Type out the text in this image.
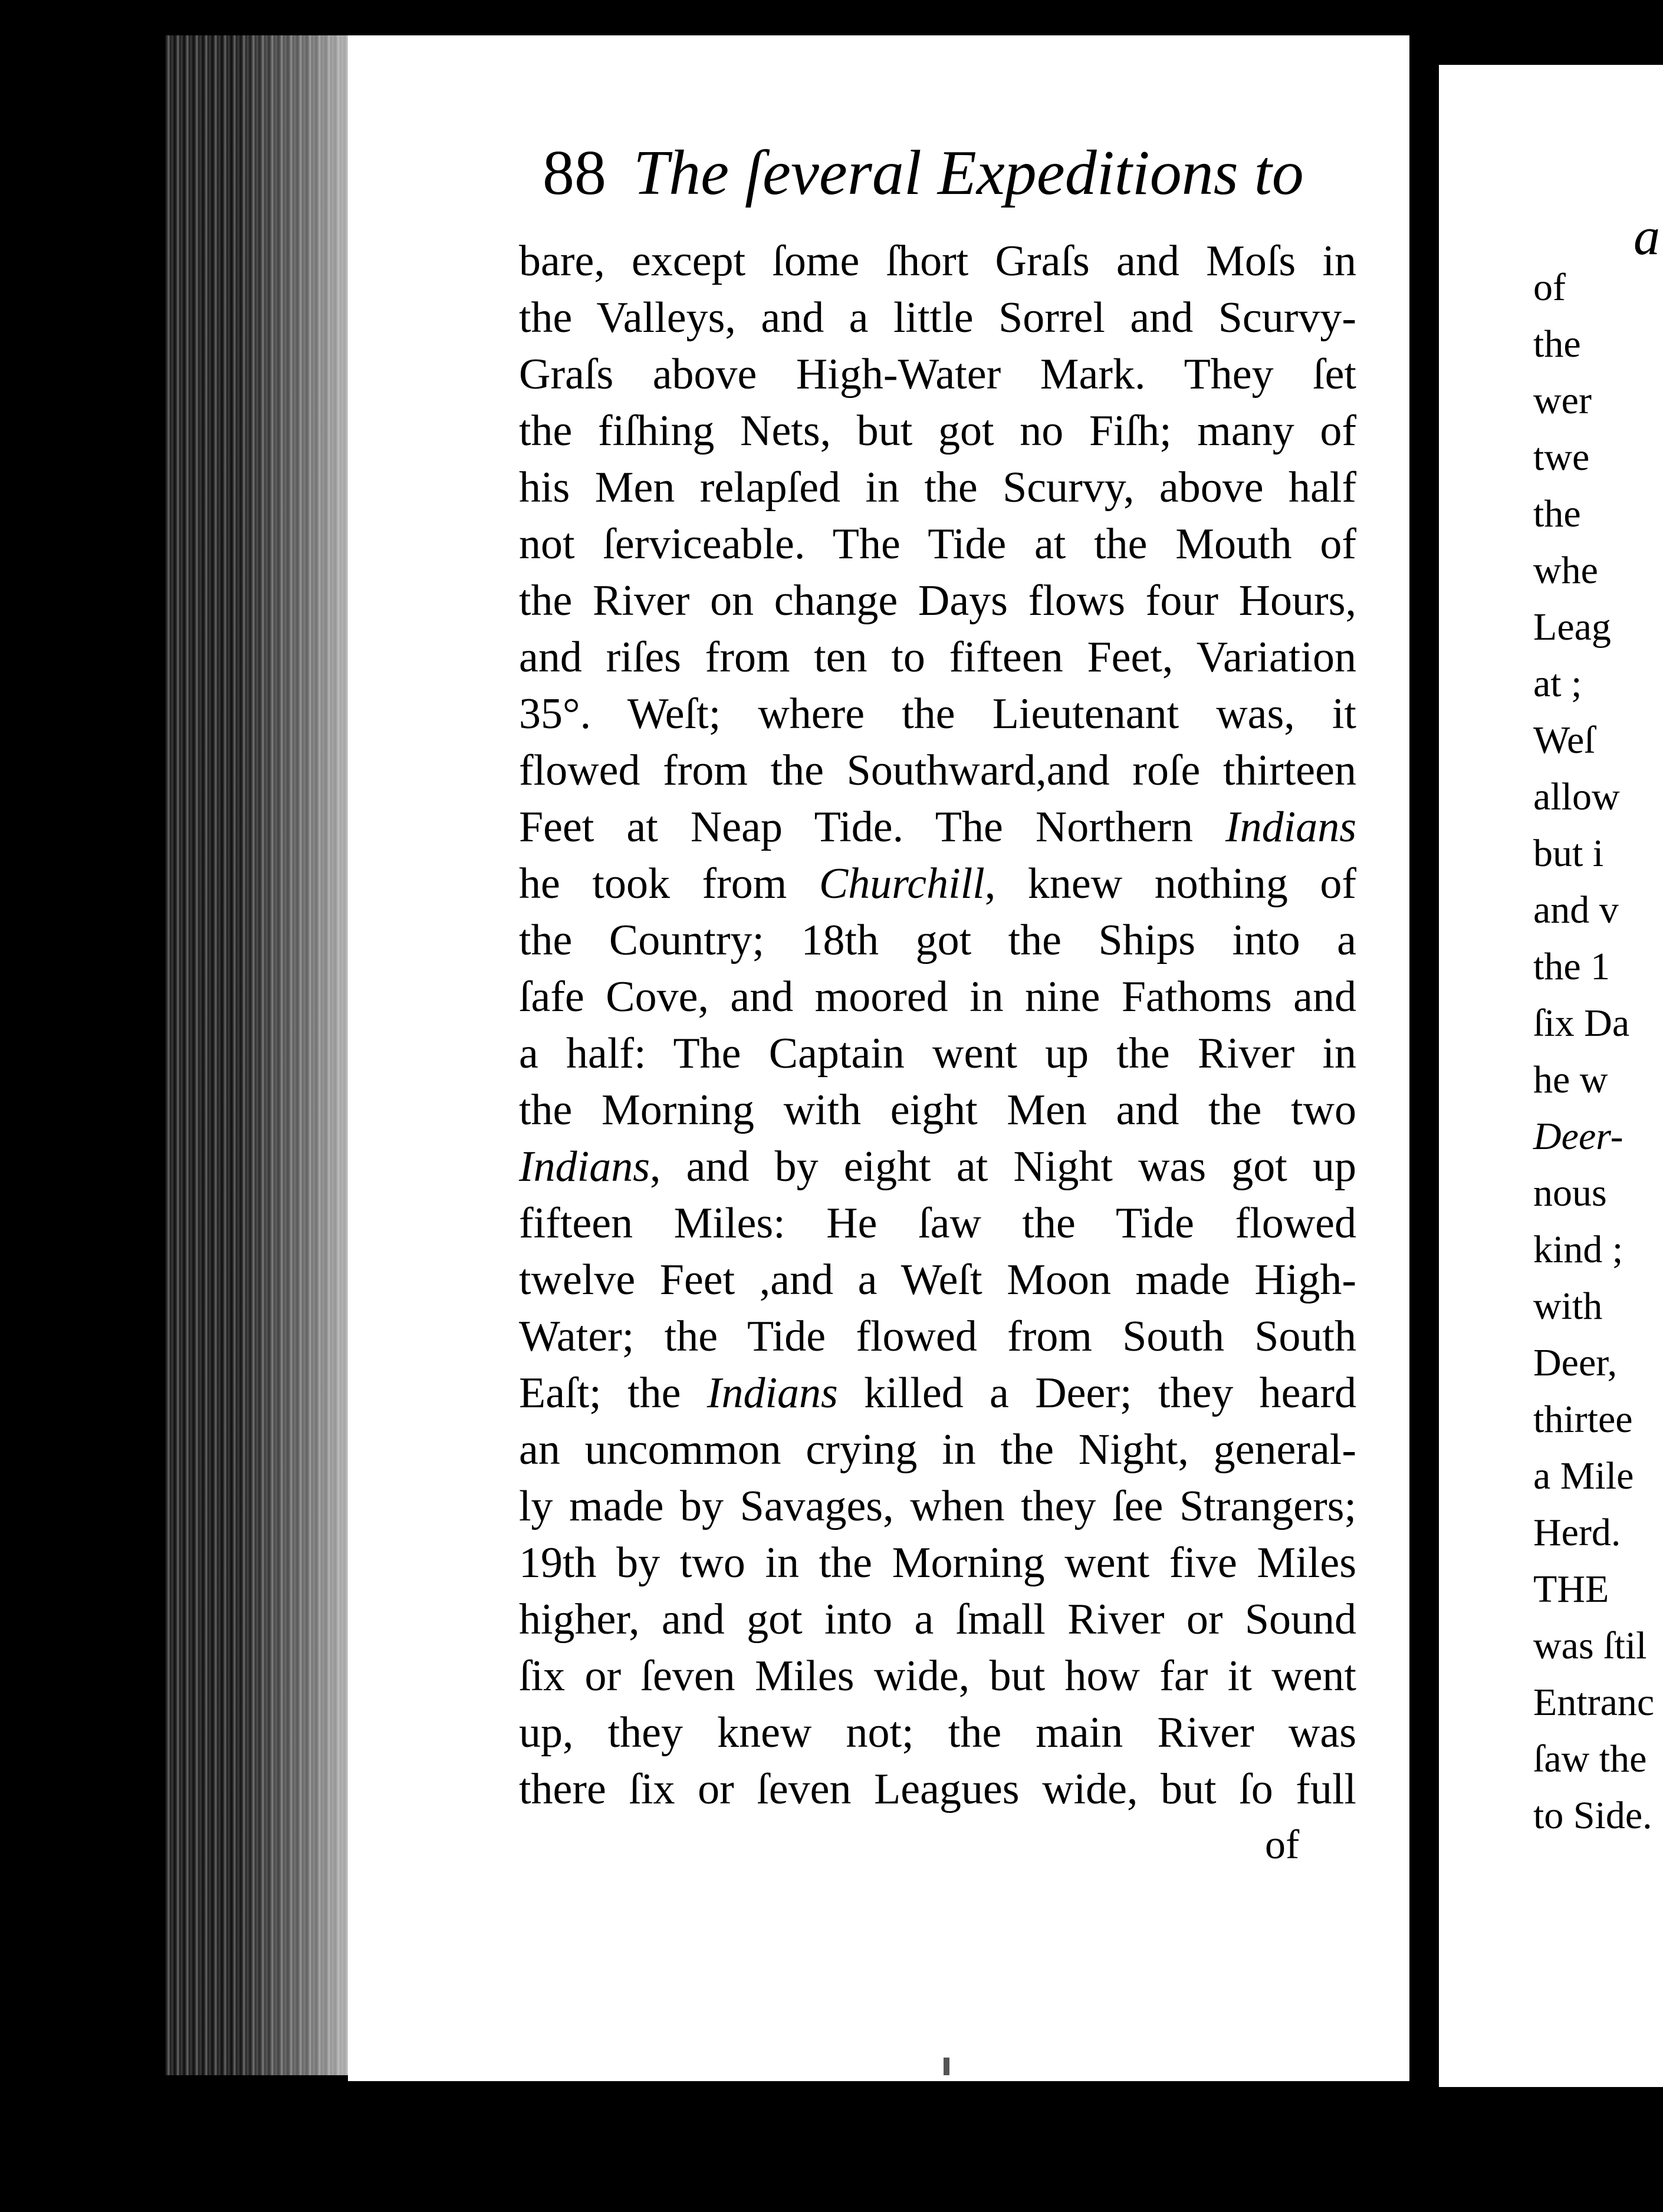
88 The ſeveral Expeditions to
bare, except ſome ſhort Graſs and Moſs in
the Valleys, and a little Sorrel and Scurvy-
Graſs above High-Water Mark. They ſet
the fiſhing Nets, but got no Fiſh; many of
his Men relapſed in the Scurvy, above half
not ſerviceable. The Tide at the Mouth of
the River on change Days flows four Hours,
and riſes from ten to fifteen Feet, Variation
35°. Weſt; where the Lieutenant was, it
flowed from the Southward,and roſe thirteen
Feet at Neap Tide. The Northern Indians
he took from Churchill, knew nothing of
the Country; 18th got the Ships into a
ſafe Cove, and moored in nine Fathoms and
a half: The Captain went up the River in
the Morning with eight Men and the two
Indians, and by eight at Night was got up
fifteen Miles: He ſaw the Tide flowed
twelve Feet ,and a Weſt Moon made High-
Water; the Tide flowed from South South
Eaſt; the Indians killed a Deer; they heard
an uncommon crying in the Night, general-
ly made by Savages, when they ſee Strangers;
19th by two in the Morning went five Miles
higher, and got into a ſmall River or Sound
ſix or ſeven Miles wide, but how far it went
up, they knew not; the main River was
there ſix or ſeven Leagues wide, but ſo full
of
a
of
the
wer
twe
the
whe
Leag
at ;
Weſ
allow
but i
and v
the 1
ſix Da
he w
Deer-
nous
kind ;
with
Deer,
thirtee
a Mile
Herd.
THE
was ſtil
Entranc
ſaw the
to Side.
